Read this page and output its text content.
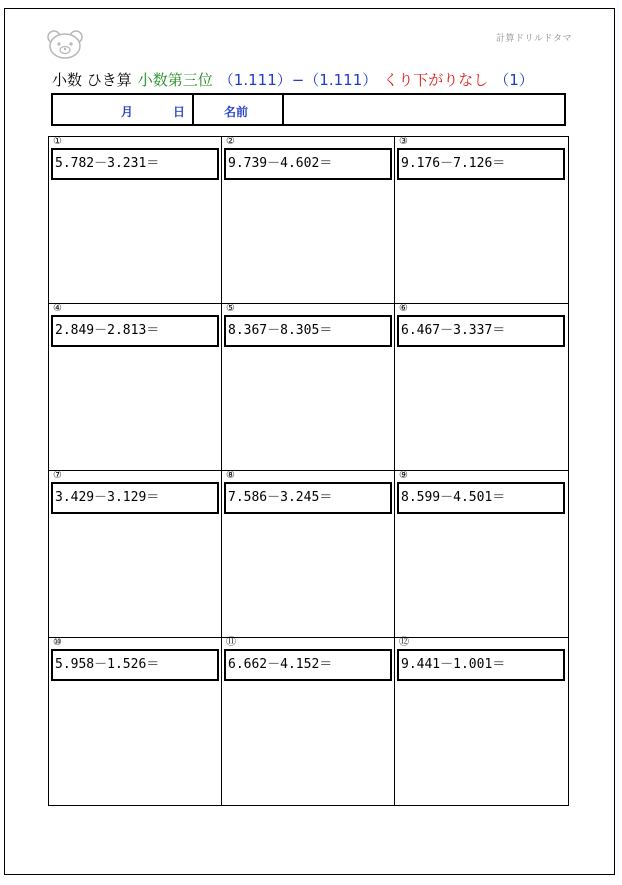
計算ドリルドタマ
小数 ひき算 小数第三位 （1.111）−（1.111） くり下がりなし （1）
月	日	名前
①
5.782－3.231＝
②
9.739－4.602＝
③
9.176－7.126＝
④
2.849－2.813＝
⑤
8.367－8.305＝
⑥
6.467－3.337＝
⑦
3.429－3.129＝
⑧
7.586－3.245＝
⑨
8.599－4.501＝
⑩
5.958－1.526＝
⑪
6.662－4.152＝
⑫
9.441－1.001＝
